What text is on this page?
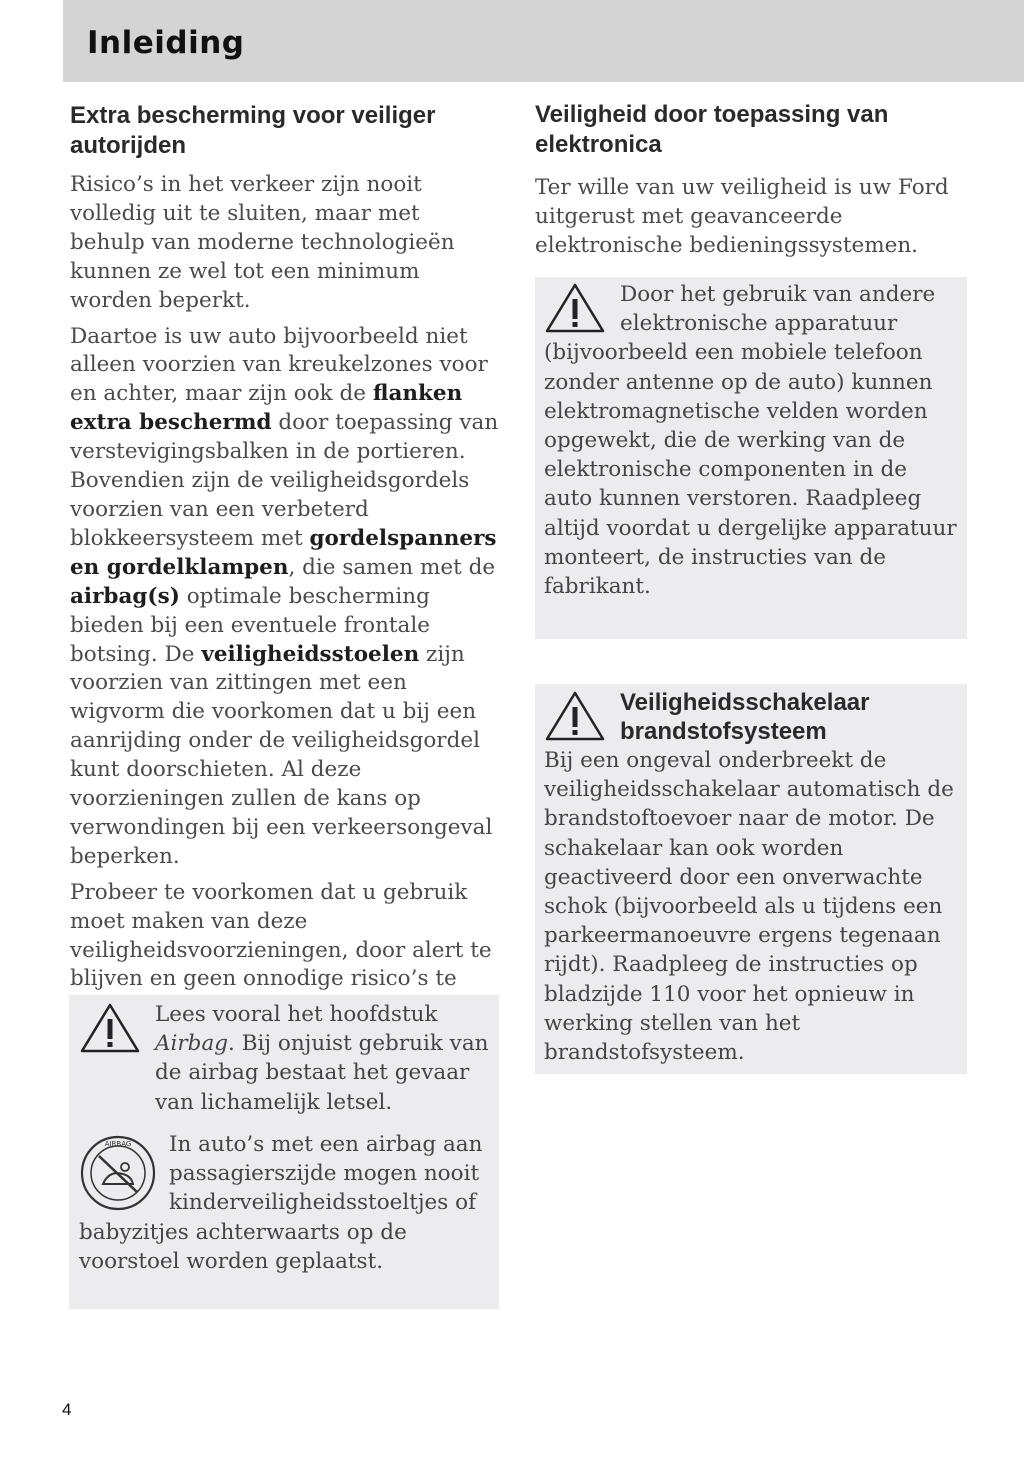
Inleiding
Extra bescherming voor veiliger autorijden

Risico’s in het verkeer zijn nooit volledig uit te sluiten, maar met behulp van moderne technologieën kunnen ze wel tot een minimum worden beperkt.

Daartoe is uw auto bijvoorbeeld niet alleen voorzien van kreukelzones voor en achter, maar zijn ook de flanken extra beschermd door toepassing van verstevigingsbalken in de portieren. Bovendien zijn de veiligheidsgordels voorzien van een verbeterd blokkeersysteem met gordelspanners en gordelklampen, die samen met de airbag(s) optimale bescherming bieden bij een eventuele frontale botsing. De veiligheidsstoelen zijn voorzien van zittingen met een wigvorm die voorkomen dat u bij een aanrijding onder de veiligheidsgordel kunt doorschieten. Al deze voorzieningen zullen de kans op verwondingen bij een verkeersongeval beperken.

Probeer te voorkomen dat u gebruik moet maken van deze veiligheidsvoorzieningen, door alert te blijven en geen onnodige risico’s te

Lees vooral het hoofdstuk Airbag. Bij onjuist gebruik van de airbag bestaat het gevaar van lichamelijk letsel.

AIRBAG	In auto’s met een airbag aan passagierszijde mogen nooit kinderveiligheidsstoeltjes of babyzitjes achterwaarts op de voorstoel worden geplaatst.

Veiligheid door toepassing van elektronica

Ter wille van uw veiligheid is uw Ford uitgerust met geavanceerde elektronische bedieningssystemen.

Door het gebruik van andere elektronische apparatuur (bijvoorbeeld een mobiele telefoon zonder antenne op de auto) kunnen elektromagnetische velden worden opgewekt, die de werking van de elektronische componenten in de auto kunnen verstoren. Raadpleeg altijd voordat u dergelijke apparatuur monteert, de instructies van de fabrikant.

Veiligheidsschakelaar brandstofsysteem

Bij een ongeval onderbreekt de veiligheidsschakelaar automatisch de brandstoftoevoer naar de motor. De schakelaar kan ook worden geactiveerd door een onverwachte schok (bijvoorbeeld als u tijdens een parkeermanoeuvre ergens tegenaan rijdt). Raadpleeg de instructies op bladzijde 110 voor het opnieuw in werking stellen van het brandstofsysteem.

4
